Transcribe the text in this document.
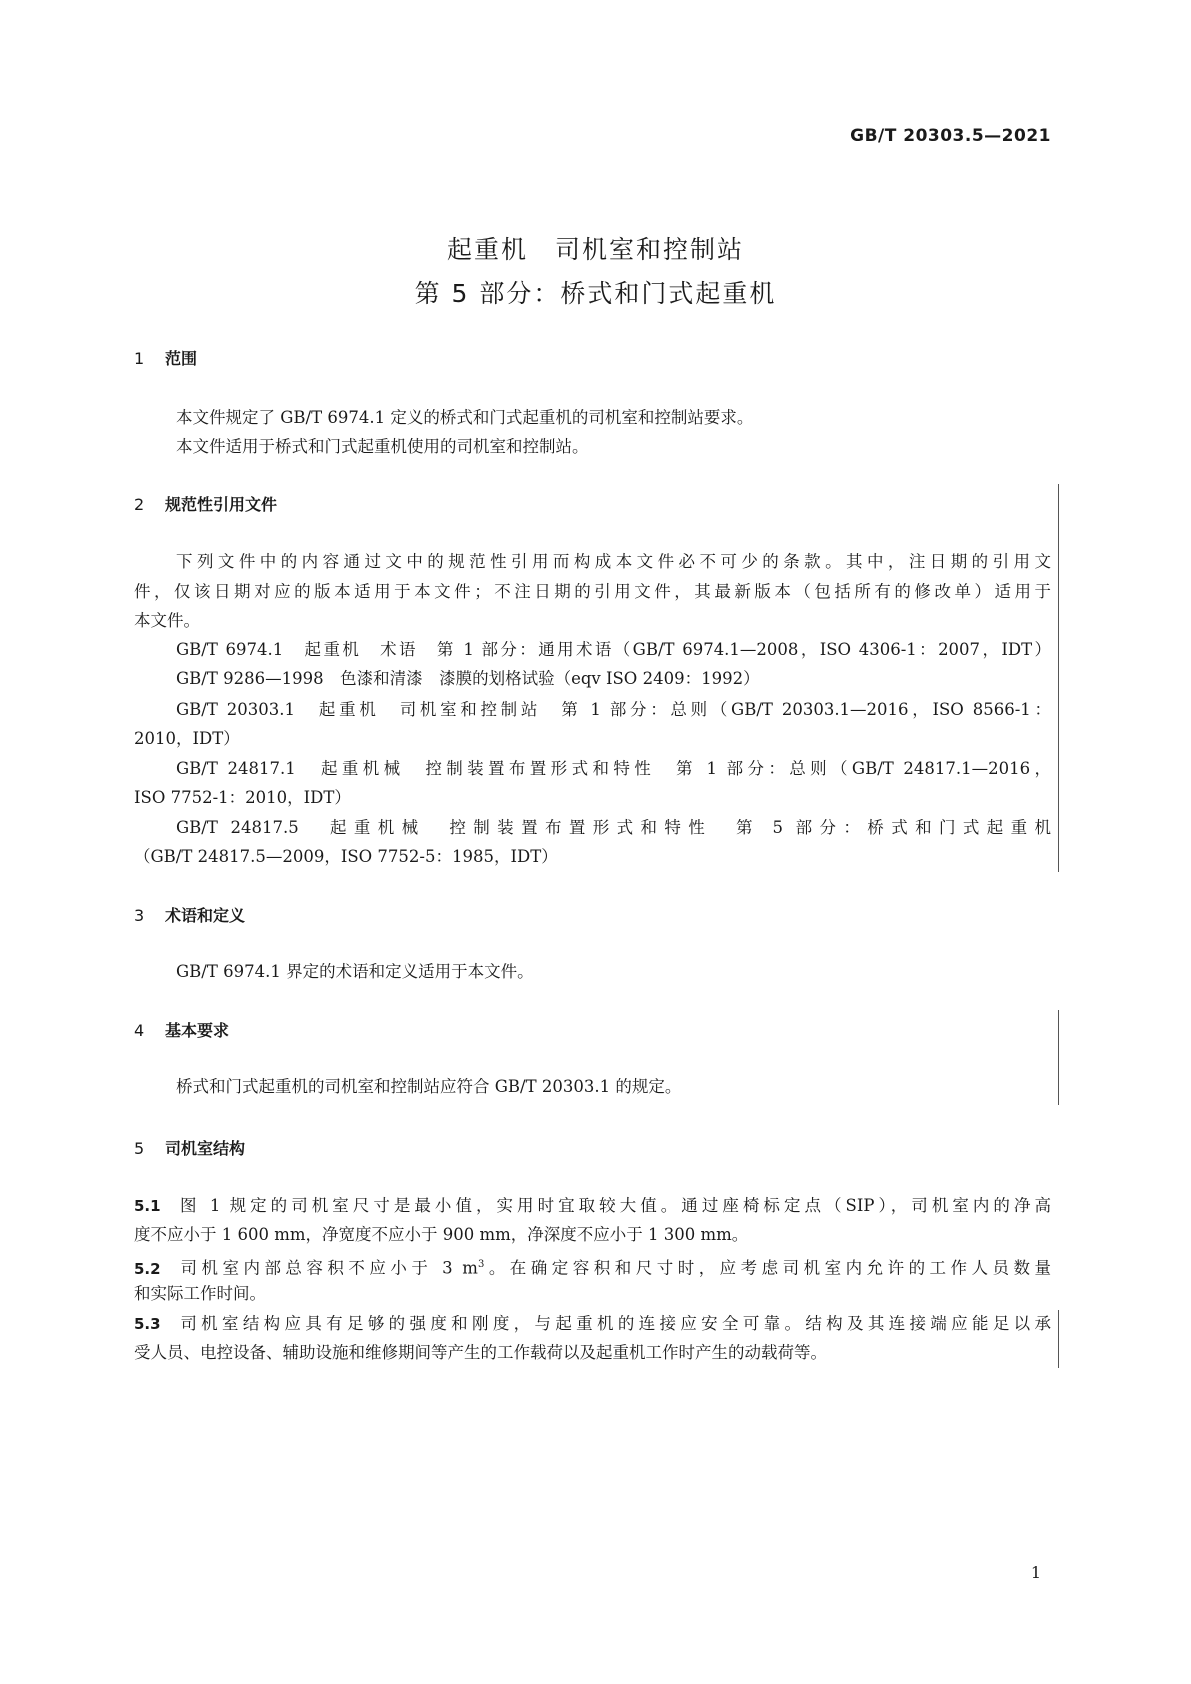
GB/T 20303.5—2021
起重机　司机室和控制站
第 5 部分：桥式和门式起重机
1 范围
本文件规定了 GB/T 6974.1 定义的桥式和门式起重机的司机室和控制站要求。
本文件适用于桥式和门式起重机使用的司机室和控制站。
2 规范性引用文件
下列文件中的内容通过文中的规范性引用而构成本文件必不可少的条款。其中，注日期的引用文
件，仅该日期对应的版本适用于本文件；不注日期的引用文件，其最新版本（包括所有的修改单）适用于
本文件。
GB/T 6974.1　起重机　术语　第 1 部分：通用术语（GB/T 6974.1—2008，ISO 4306-1：2007，IDT）
GB/T 9286—1998　色漆和清漆　漆膜的划格试验（eqv ISO 2409：1992）
GB/T 20303.1　起重机　司机室和控制站　第 1 部分：总则（GB/T 20303.1—2016，ISO 8566-1：
2010，IDT）
GB/T 24817.1　起重机械　控制装置布置形式和特性　第 1 部分：总则（GB/T 24817.1—2016，
ISO 7752-1：2010，IDT）
GB/T 24817.5　起重机械　控制装置布置形式和特性　第 5 部分：桥式和门式起重机
（GB/T 24817.5—2009，ISO 7752-5：1985，IDT）
3 术语和定义
GB/T 6974.1 界定的术语和定义适用于本文件。
4 基本要求
桥式和门式起重机的司机室和控制站应符合 GB/T 20303.1 的规定。
5 司机室结构
5.1 图 1 规定的司机室尺寸是最小值，实用时宜取较大值。通过座椅标定点（SIP），司机室内的净高
度不应小于 1 600 mm，净宽度不应小于 900 mm，净深度不应小于 1 300 mm。
5.2 司机室内部总容积不应小于 3 $m^3$。在确定容积和尺寸时，应考虑司机室内允许的工作人员数量
和实际工作时间。
5.3 司机室结构应具有足够的强度和刚度，与起重机的连接应安全可靠。结构及其连接端应能足以承
受人员、电控设备、辅助设施和维修期间等产生的工作载荷以及起重机工作时产生的动载荷等。
1
